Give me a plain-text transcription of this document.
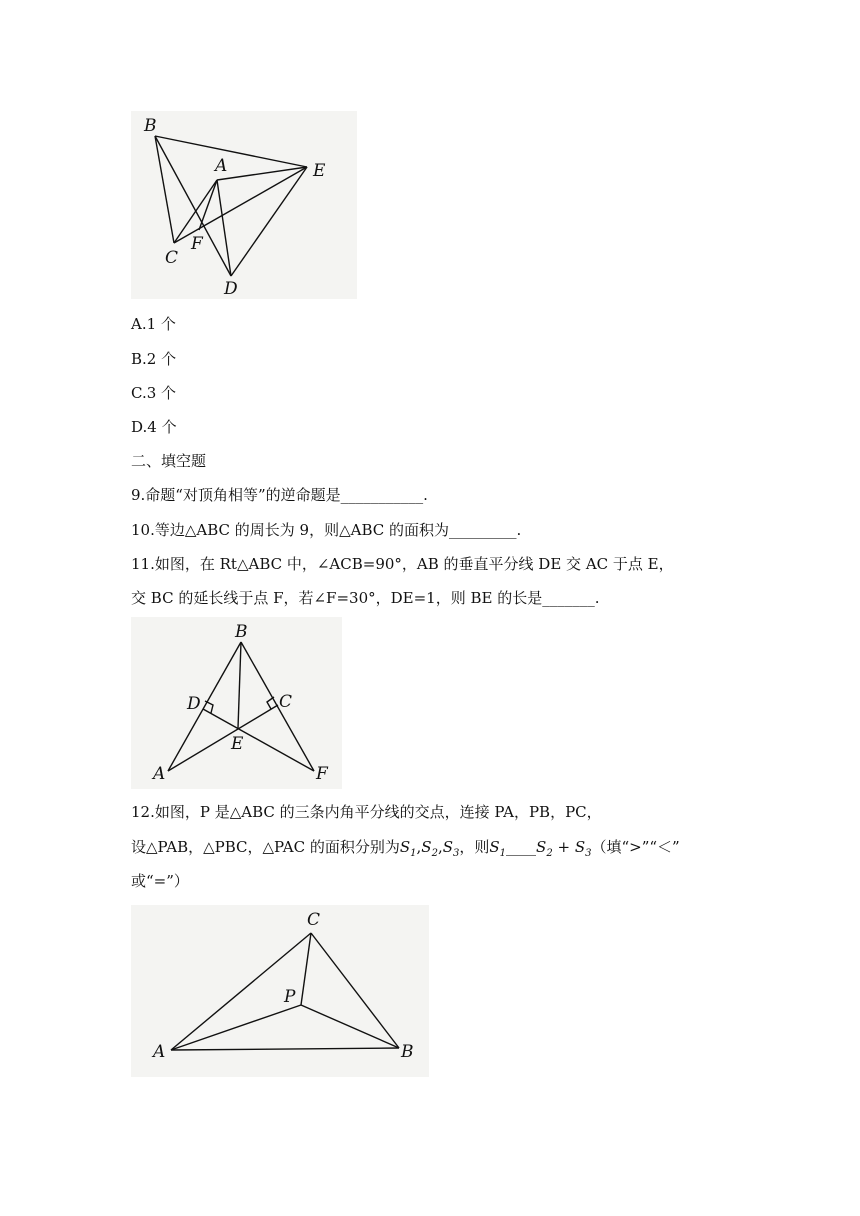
B
A	E
C
F
D
A.1 个
B.2 个
C.3 个
D.4 个
二、填空题
9.命题“对顶角相等”的逆命题是___________.
10.等边△ABC 的周长为 9，则△ABC 的面积为_________.
11.如图，在 Rt△ABC 中，∠ACB=90°，AB 的垂直平分线 DE 交 AC 于点 E，
交 BC 的延长线于点 F，若∠F=30°，DE=1，则 BE 的长是_______.
B
D	C
E
A	F
12.如图，P 是△ABC 的三条内角平分线的交点，连接 PA，PB，PC，
设△PAB，△PBC，△PAC 的面积分别为$S_1,S_2,S_3$，则$S_1\_\_\_\_S_2 + S_3$（填“>”“＜”
或“=”）
C
P
A	B
